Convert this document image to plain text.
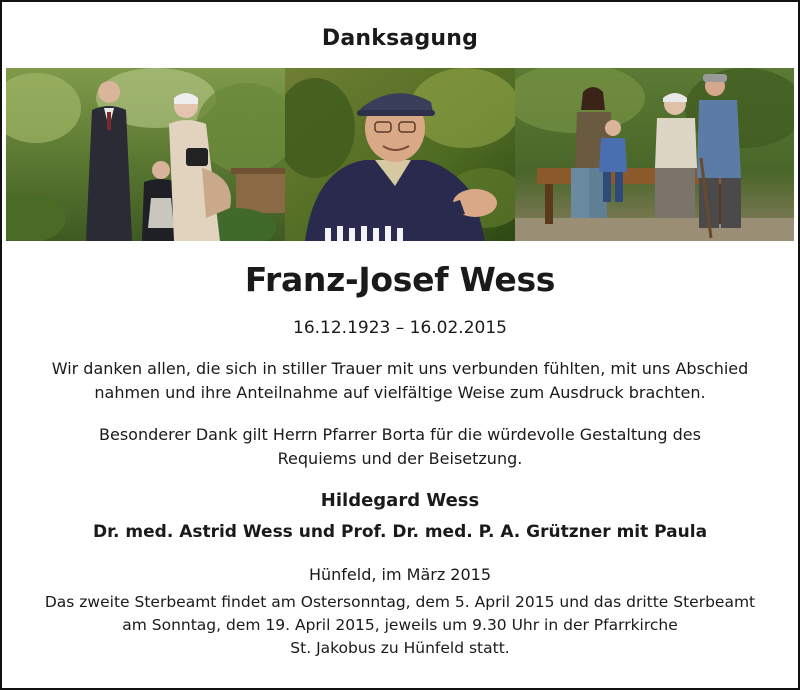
Danksagung
Franz-Josef Wess
16.12.1923 – 16.02.2015
Wir danken allen, die sich in stiller Trauer mit uns verbunden fühlten, mit uns Abschied
nahmen und ihre Anteilnahme auf vielfältige Weise zum Ausdruck brachten.
Besonderer Dank gilt Herrn Pfarrer Borta für die würdevolle Gestaltung des
Requiems und der Beisetzung.
Hildegard Wess
Dr. med. Astrid Wess und Prof. Dr. med. P. A. Grützner mit Paula
Hünfeld, im März 2015
Das zweite Sterbeamt findet am Ostersonntag, dem 5. April 2015 und das dritte Sterbeamt
am Sonntag, dem 19. April 2015, jeweils um 9.30 Uhr in der Pfarrkirche
St. Jakobus zu Hünfeld statt.
